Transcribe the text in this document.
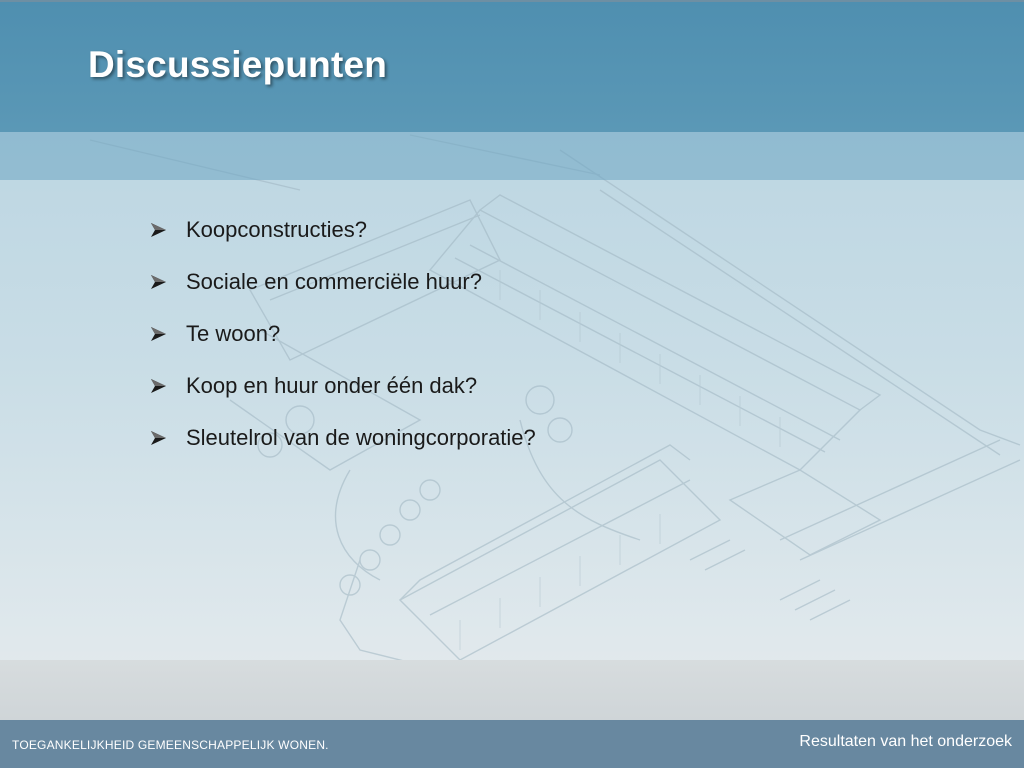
Discussiepunten
Koopconstructies?
Sociale en commerciële huur?
Te woon?
Koop en huur onder één dak?
Sleutelrol van de woningcorporatie?
TOEGANKELIJKHEID GEMEENSCHAPPELIJK WONEN.	Resultaten van het onderzoek
